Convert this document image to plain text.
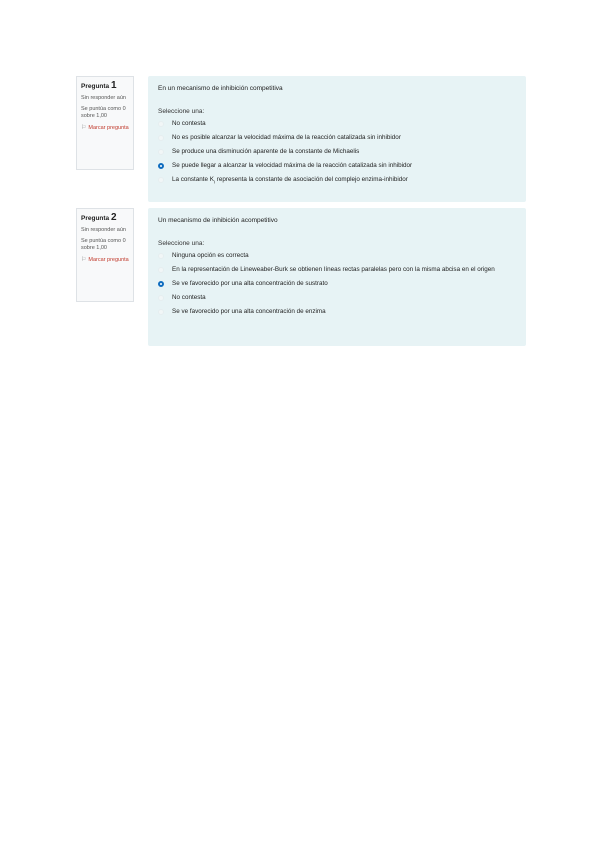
Pregunta 1
Sin responder aún
Se puntúa como 0 sobre 1,00
⚐ Marcar pregunta
En un mecanismo de inhibición competitiva
Seleccione una:
No contesta
No es posible alcanzar la velocidad máxima de la reacción catalizada sin inhibidor
Se produce una disminución aparente de la constante de Michaelis
Se puede llegar a alcanzar la velocidad máxima de la reacción catalizada sin inhibidor
La constante $K_i$ representa la constante de asociación del complejo enzima-inhibidor
Pregunta 2
Sin responder aún
Se puntúa como 0 sobre 1,00
⚐ Marcar pregunta
Un mecanismo de inhibición acompetitivo
Seleccione una:
Ninguna opción es correcta
En la representación de Lineweaber-Burk se obtienen líneas rectas paralelas pero con la misma abcisa en el origen
Se ve favorecido por una alta concentración de sustrato
No contesta
Se ve favorecido por una alta concentración de enzima
